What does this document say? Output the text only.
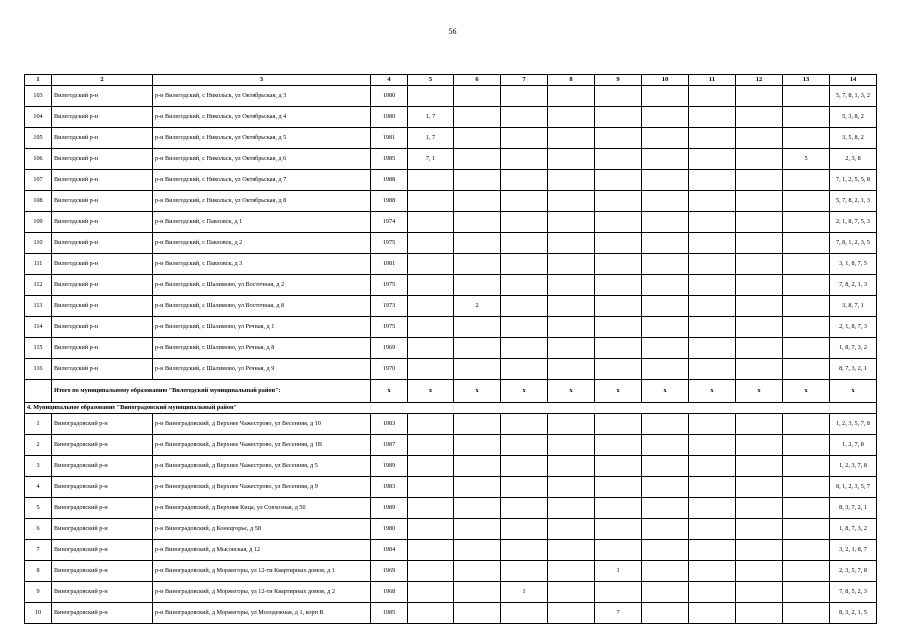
56
1	2	3	4	5	6	7	8	9	10	11	12	13	14
103	Вилегодский р-н	р-н Вилегодский, с Никольск, ул Октябрьская, д 3	1980										5, 7, 8, 1, 3, 2
104	Вилегодский р-н	р-н Вилегодский, с Никольск, ул Октябрьская, д 4	1980	1, 7									5, 3, 8, 2
105	Вилегодский р-н	р-н Вилегодский, с Никольск, ул Октябрьская, д 5	1981	1, 7									3, 5, 8, 2
106	Вилегодский р-н	р-н Вилегодский, с Никольск, ул Октябрьская, д 6	1985	7, 1								5	2, 3, 8
107	Вилегодский р-н	р-н Вилегодский, с Никольск, ул Октябрьская, д 7	1988										7, 1, 2, 5, 5, 8
108	Вилегодский р-н	р-н Вилегодский, с Никольск, ул Октябрьская, д 8	1988										5, 7, 8, 2, 1, 3
109	Вилегодский р-н	р-н Вилегодский, с Павловск, д 1	1974										2, 1, 8, 7, 5, 3
110	Вилегодский р-н	р-н Вилегодский, с Павловск, д 2	1975										7, 8, 1, 2, 3, 5
111	Вилегодский р-н	р-н Вилегодский, с Павловск, д 3	1981										3, 1, 8, 7, 5
112	Вилегодский р-н	р-н Вилегодский, с Шалимово, ул Восточная, д 2	1975										7, 8, 2, 1, 3
113	Вилегодский р-н	р-н Вилегодский, с Шалимово, ул Восточная, д 8	1973		2								3, 8, 7, 1
114	Вилегодский р-н	р-н Вилегодский, с Шалимово, ул Речная, д 1	1975										2, 1, 8, 7, 3
115	Вилегодский р-н	р-н Вилегодский, с Шалимово, ул Речная, д 8	1969										1, 8, 7, 3, 2
116	Вилегодский р-н	р-н Вилегодский, с Шалимово, ул Речная, д 9	1970										8, 7, 3, 2, 1
	Итого по муниципальному образованию "Вилегодский муниципальный район":		x	x	x	x	x	x	x	x	x	x	x
4. Муниципальное образование "Виноградовский муниципальный район"													
1	Виноградовский р-н	р-н Виноградовский, д Верхнее Чажестрово, ул Весенняя, д 10	1983										1, 2, 3, 5, 7, 8
2	Виноградовский р-н	р-н Виноградовский, д Верхнее Чажестрово, ул Весенняя, д 1В	1987										1, 2, 7, 8
3	Виноградовский р-н	р-н Виноградовский, д Верхнее Чажестрово, ул Весенняя, д 5	1989										1, 2, 3, 7, 8
4	Виноградовский р-н	р-н Виноградовский, д Верхнее Чажестрово, ул Весенняя, д 9	1983										8, 1, 2, 3, 5, 7
5	Виноградовский р-н	р-н Виноградовский, д Верхняя Кица, ул Совхозная, д 50	1989										8, 3, 7, 2, 1
6	Виноградовский р-н	р-н Виноградовский, д Конецгорье, д 58	1980										1, 8, 7, 3, 2
7	Виноградовский р-н	р-н Виноградовский, д Мысовская, д 12	1984										3, 2, 1, 8, 7
8	Виноградовский р-н	р-н Виноградовский, д Моржегоры, ул 12-ти Квартирных домов, д 1	1969					1					2, 3, 5, 7, 8
9	Виноградовский р-н	р-н Виноградовский, д Моржегоры, ул 12-ти Квартирных домов, д 2	1968			1							7, 8, 5, 2, 3
10	Виноградовский р-н	р-н Виноградовский, д Моржегоры, ул Молодежная, д 1, корп В	1985					7					8, 3, 2, 1, 5
